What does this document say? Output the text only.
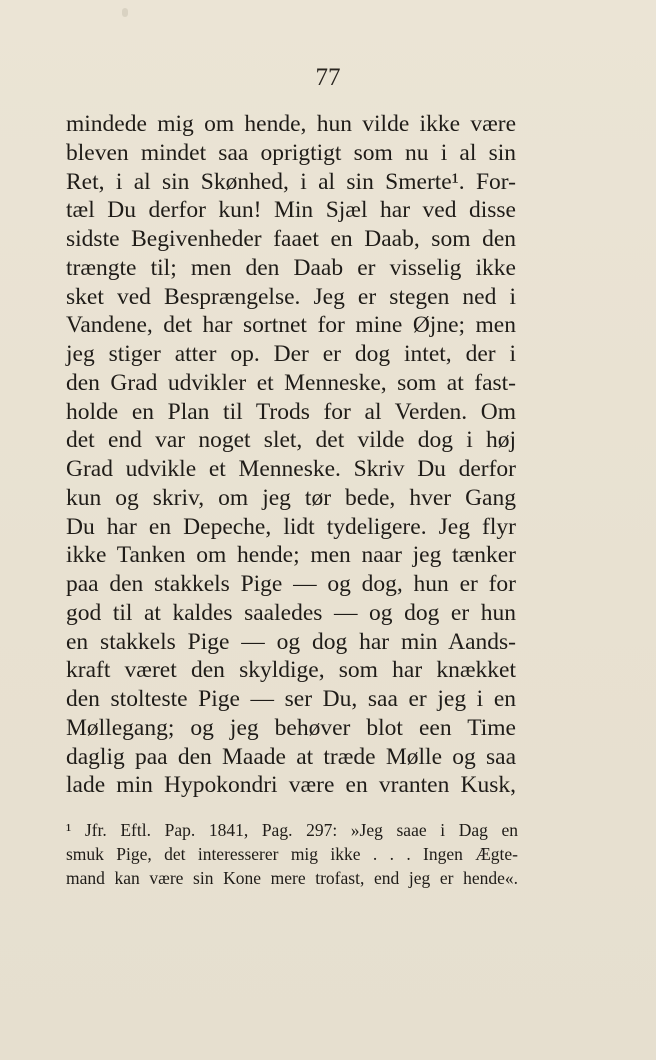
77
mindede mig om hende, hun vilde ikke være
bleven mindet saa oprigtigt som nu i al sin
Ret, i al sin Skønhed, i al sin Smerte¹. For-
tæl Du derfor kun! Min Sjæl har ved disse
sidste Begivenheder faaet en Daab, som den
trængte til; men den Daab er visselig ikke
sket ved Besprængelse. Jeg er stegen ned i
Vandene, det har sortnet for mine Øjne; men
jeg stiger atter op. Der er dog intet, der i
den Grad udvikler et Menneske, som at fast-
holde en Plan til Trods for al Verden. Om
det end var noget slet, det vilde dog i høj
Grad udvikle et Menneske. Skriv Du derfor
kun og skriv, om jeg tør bede, hver Gang
Du har en Depeche, lidt tydeligere. Jeg flyr
ikke Tanken om hende; men naar jeg tænker
paa den stakkels Pige — og dog, hun er for
god til at kaldes saaledes — og dog er hun
en stakkels Pige — og dog har min Aands-
kraft været den skyldige, som har knækket
den stolteste Pige — ser Du, saa er jeg i en
Møllegang; og jeg behøver blot een Time
daglig paa den Maade at træde Mølle og saa
lade min Hypokondri være en vranten Kusk,
¹ Jfr. Eftl. Pap. 1841, Pag. 297: »Jeg saae i Dag en
smuk Pige, det interesserer mig ikke . . . Ingen Ægte-
mand kan være sin Kone mere trofast, end jeg er hende«.
